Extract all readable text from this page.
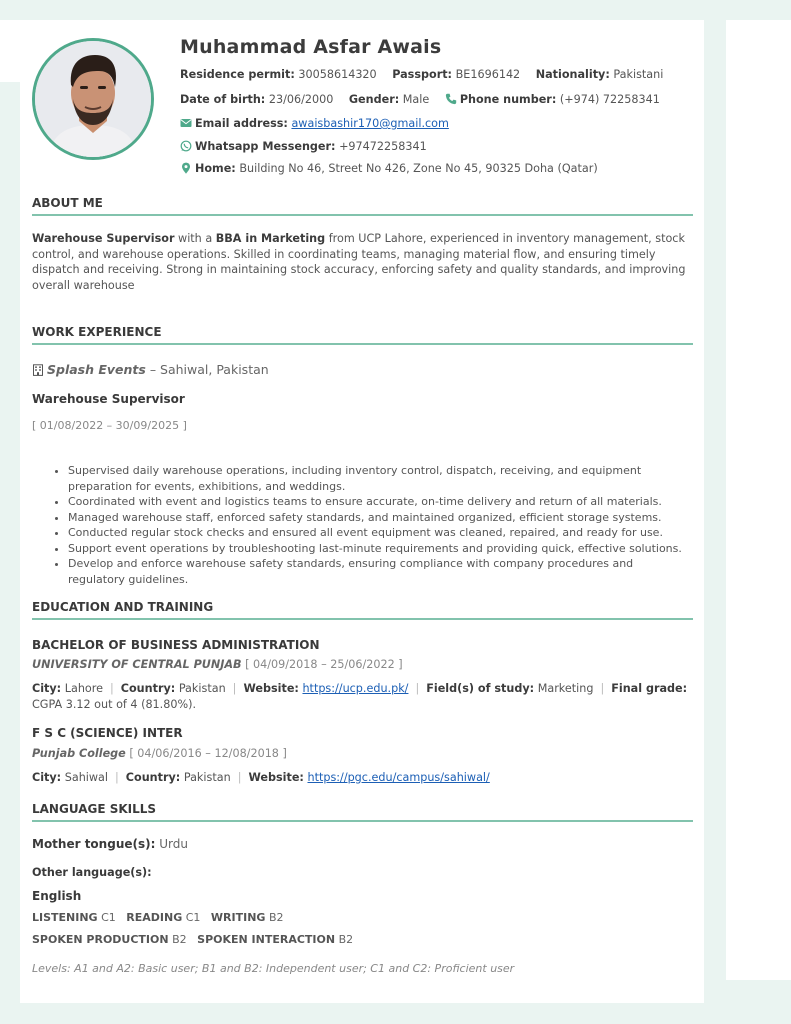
Muhammad Asfar Awais
Residence permit: 30058614320 Passport: BE1696142 Nationality: Pakistani
Date of birth: 23/06/2000 Gender: Male	Phone number: (+974) 72258341
Email address: awaisbashir170@gmail.com
Whatsapp Messenger: +97472258341
Home: Building No 46, Street No 426, Zone No 45, 90325 Doha (Qatar)
ABOUT ME
Warehouse Supervisor with a BBA in Marketing from UCP Lahore, experienced in inventory management, stock control, and warehouse operations. Skilled in coordinating teams, managing material flow, and ensuring timely dispatch and receiving. Strong in maintaining stock accuracy, enforcing safety and quality standards, and improving overall warehouse
WORK EXPERIENCE
Splash Events – Sahiwal, Pakistan
Warehouse Supervisor
[ 01/08/2022 – 30/09/2025 ]
• Supervised daily warehouse operations, including inventory control, dispatch, receiving, and equipment preparation for events, exhibitions, and weddings.
• Coordinated with event and logistics teams to ensure accurate, on-time delivery and return of all materials.
• Managed warehouse staff, enforced safety standards, and maintained organized, efficient storage systems.
• Conducted regular stock checks and ensured all event equipment was cleaned, repaired, and ready for use.
• Support event operations by troubleshooting last-minute requirements and providing quick, effective solutions.
• Develop and enforce warehouse safety standards, ensuring compliance with company procedures and regulatory guidelines.
EDUCATION AND TRAINING
BACHELOR OF BUSINESS ADMINISTRATION
UNIVERSITY OF CENTRAL PUNJAB [ 04/09/2018 – 25/06/2022 ]
City: Lahore | Country: Pakistan | Website: https://ucp.edu.pk/ | Field(s) of study: Marketing | Final grade: CGPA 3.12 out of 4 (81.80%).
F S C (SCIENCE) INTER
Punjab College [ 04/06/2016 – 12/08/2018 ]
City: Sahiwal | Country: Pakistan | Website: https://pgc.edu/campus/sahiwal/
LANGUAGE SKILLS
Mother tongue(s): Urdu
Other language(s):
English
LISTENING C1 READING C1 WRITING B2
SPOKEN PRODUCTION B2 SPOKEN INTERACTION B2
Levels: A1 and A2: Basic user; B1 and B2: Independent user; C1 and C2: Proficient user
